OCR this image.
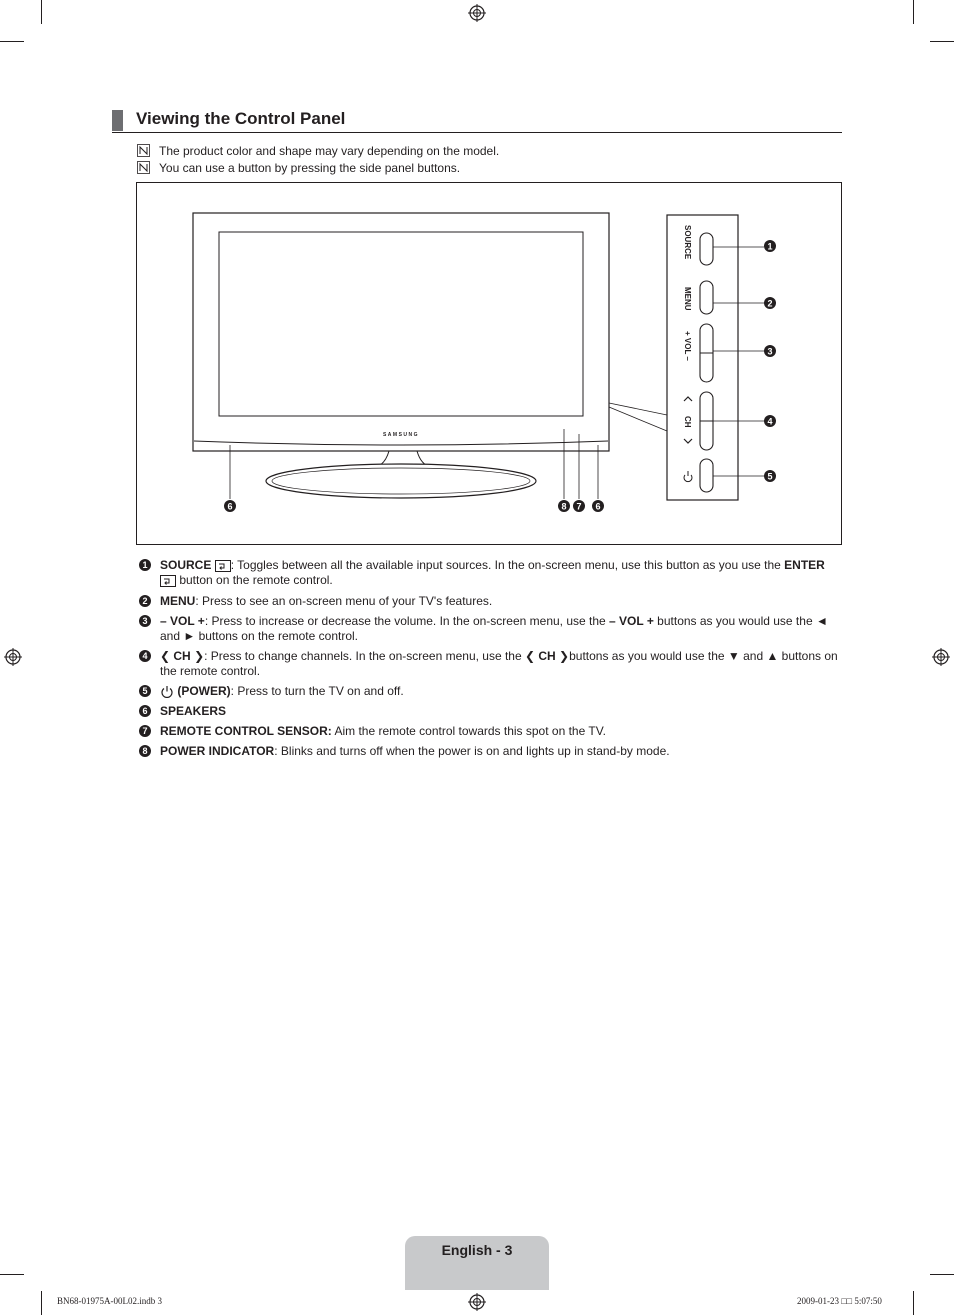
Viewing the Control Panel
The product color and shape may vary depending on the model.
You can use a button by pressing the side panel buttons.
SAMSUNG
SOURCE
MENU
+ VOL –
CH
1
2
3
4
5
6	8 7 6
1 SOURCE : Toggles between all the available input sources. In the on-screen menu, use this button as you use the ENTER  button on the remote control.
2 MENU: Press to see an on-screen menu of your TV's features.
3 – VOL +: Press to increase or decrease the volume. In the on-screen menu, use the – VOL + buttons as you would use the ◄ and ► buttons on the remote control.
4 ❮ CH ❯: Press to change channels. In the on-screen menu, use the ❮ CH ❯buttons as you would use the ▼ and ▲ buttons on the remote control.
5	(POWER): Press to turn the TV on and off.
6 SPEAKERS
7 REMOTE CONTROL SENSOR: Aim the remote control towards this spot on the TV.
8 POWER INDICATOR: Blinks and turns off when the power is on and lights up in stand-by mode.
English - 3
BN68-01975A-00L02.indb 3	2009-01-23 □□ 5:07:50
